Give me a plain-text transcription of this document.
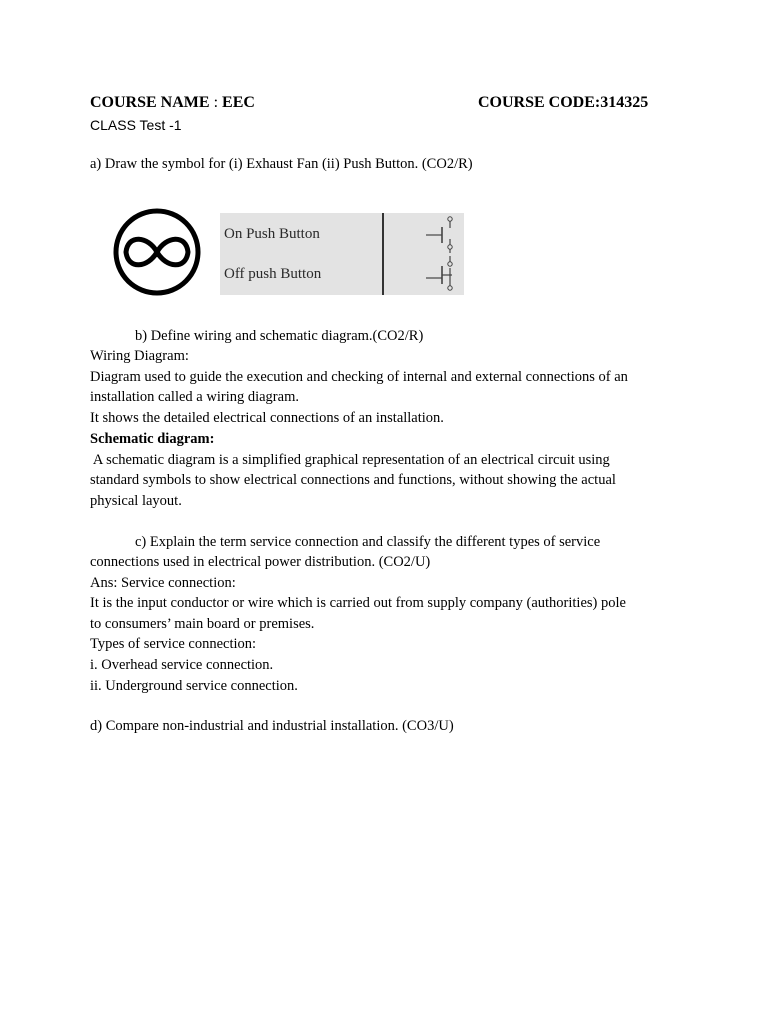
COURSE NAME : EEC	COURSE CODE:314325
CLASS Test -1
a) Draw the symbol for (i) Exhaust Fan (ii) Push Button. (CO2/R)
On Push Button
Off push Button
b) Define wiring and schematic diagram.(CO2/R)
Wiring Diagram:
Diagram used to guide the execution and checking of internal and external connections of an
installation called a wiring diagram.
It shows the detailed electrical connections of an installation.
Schematic diagram:
A schematic diagram is a simplified graphical representation of an electrical circuit using
standard symbols to show electrical connections and functions, without showing the actual
physical layout.
c) Explain the term service connection and classify the different types of service
connections used in electrical power distribution. (CO2/U)
Ans: Service connection:
It is the input conductor or wire which is carried out from supply company (authorities) pole
to consumers’ main board or premises.
Types of service connection:
i. Overhead service connection.
ii. Underground service connection.
d) Compare non-industrial and industrial installation. (CO3/U)
